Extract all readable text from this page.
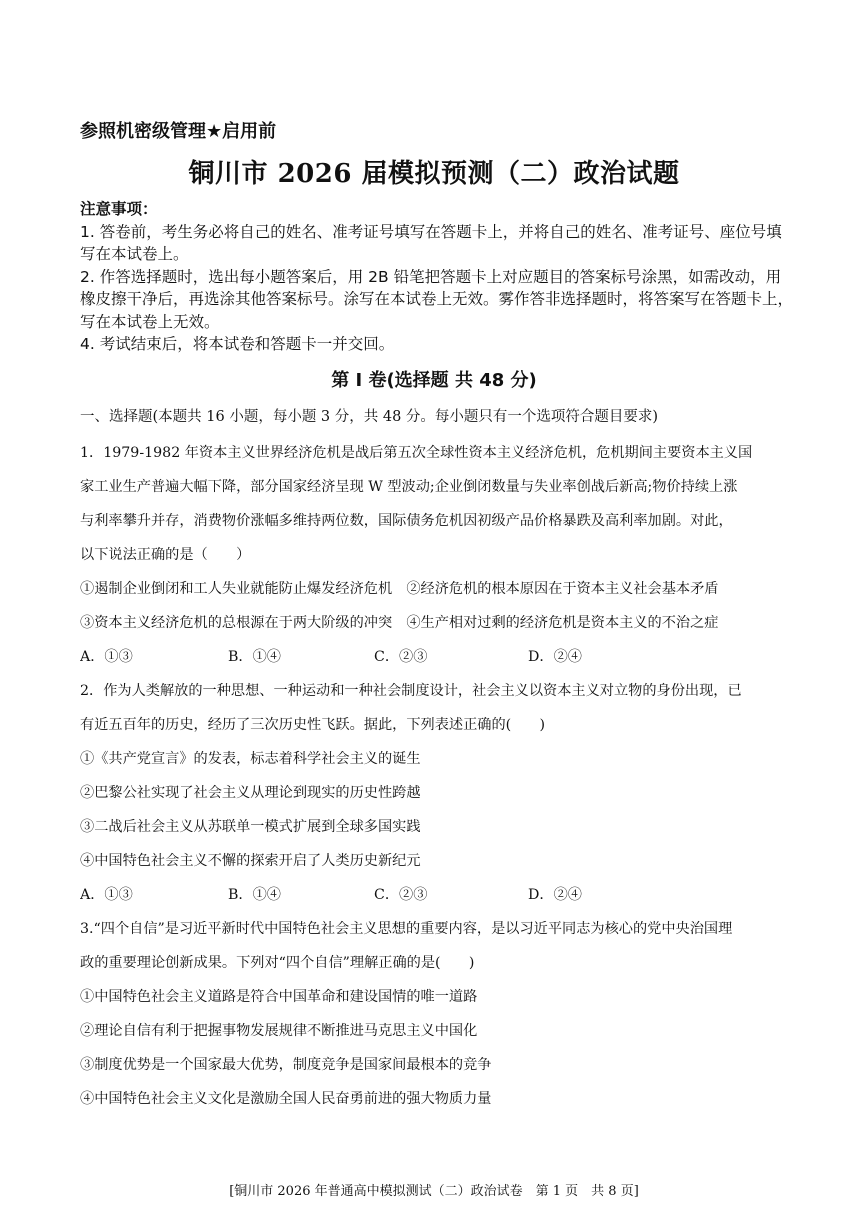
参照机密级管理★启用前
铜川市 2026 届模拟预测（二）政治试题

注意事项：

1. 答卷前，考生务必将自己的姓名、准考证号填写在答题卡上，并将自己的姓名、准考证号、座位号填写在本试卷上。

2. 作答选择题时，选出每小题答案后，用 2B 铅笔把答题卡上对应题目的答案标号涂黑，如需改动，用橡皮擦干净后，再选涂其他答案标号。涂写在本试卷上无效。雾作答非选择题时，将答案写在答题卡上，写在本试卷上无效。

4. 考试结束后，将本试卷和答题卡一并交回。

第 I 卷(选择题 共 48 分)
一、选择题(本题共 16 小题，每小题 3 分，共 48 分。每小题只有一个选项符合题目要求)

1．1979-1982 年资本主义世界经济危机是战后第五次全球性资本主义经济危机，危机期间主要资本主义国

家工业生产普遍大幅下降，部分国家经济呈现 W 型波动;企业倒闭数量与失业率创战后新高;物价持续上涨

与利率攀升并存，消费物价涨幅多维持两位数，国际债务危机因初级产品价格暴跌及高利率加剧。对此，

以下说法正确的是（　　）

①遏制企业倒闭和工人失业就能防止爆发经济危机　②经济危机的根本原因在于资本主义社会基本矛盾

③资本主义经济危机的总根源在于两大阶级的冲突　④生产相对过剩的经济危机是资本主义的不治之症

A．①③	B．①④	C．②③	D．②④

2．作为人类解放的一种思想、一种运动和一种社会制度设计，社会主义以资本主义对立物的身份出现，已

有近五百年的历史，经历了三次历史性飞跃。据此，下列表述正确的(　　)

①《共产党宣言》的发表，标志着科学社会主义的诞生

②巴黎公社实现了社会主义从理论到现实的历史性跨越

③二战后社会主义从苏联单一模式扩展到全球多国实践

④中国特色社会主义不懈的探索开启了人类历史新纪元

A．①③	B．①④	C．②③	D．②④

3.“四个自信”是习近平新时代中国特色社会主义思想的重要内容，是以习近平同志为核心的党中央治国理

政的重要理论创新成果。下列对“四个自信”理解正确的是(　　)

①中国特色社会主义道路是符合中国革命和建设国情的唯一道路

②理论自信有利于把握事物发展规律不断推进马克思主义中国化

③制度优势是一个国家最大优势，制度竞争是国家间最根本的竞争

④中国特色社会主义文化是激励全国人民奋勇前进的强大物质力量

[铜川市 2026 年普通高中模拟测试（二）政治试卷　第 1 页　共 8 页]
